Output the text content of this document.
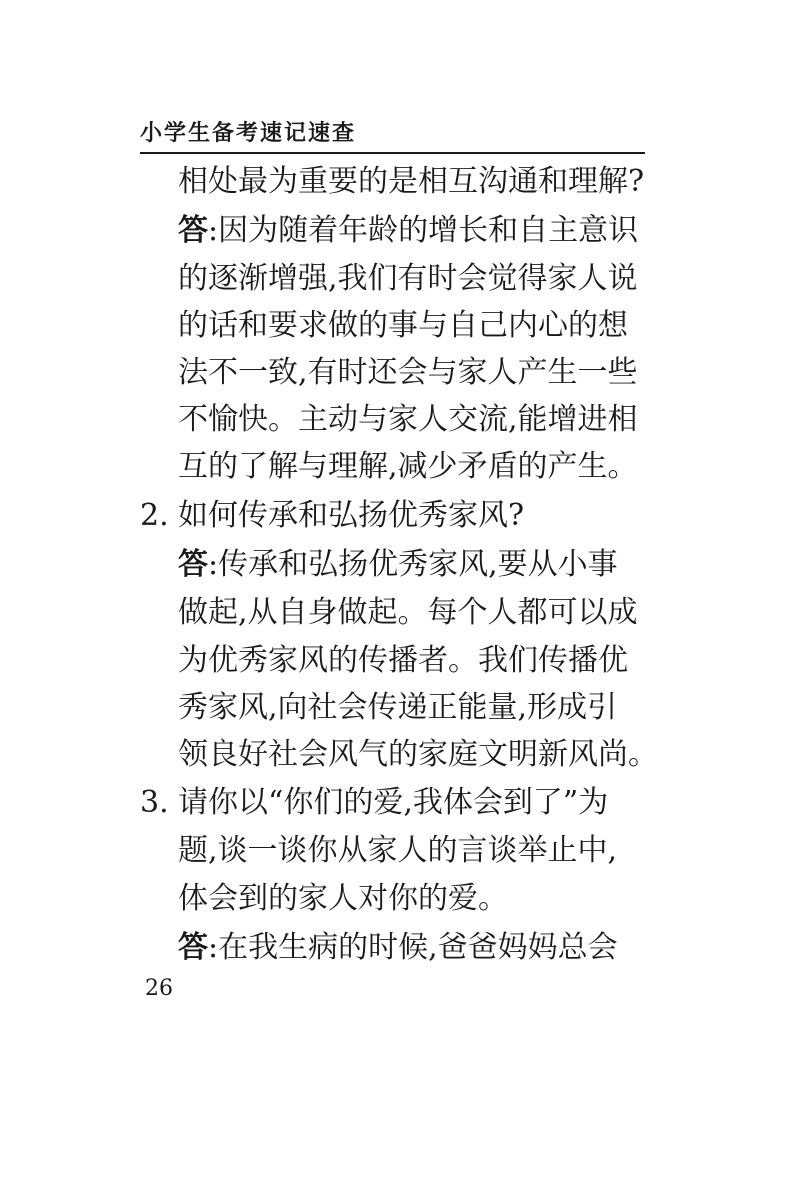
小学生备考速记速查
相处最为重要的是相互沟通和理解?
答:因为随着年龄的增长和自主意识
的逐渐增强,我们有时会觉得家人说
的话和要求做的事与自己内心的想
法不一致,有时还会与家人产生一些
不愉快。主动与家人交流,能增进相
互的了解与理解,减少矛盾的产生。
2. 如何传承和弘扬优秀家风?
答:传承和弘扬优秀家风,要从小事
做起,从自身做起。每个人都可以成
为优秀家风的传播者。我们传播优
秀家风,向社会传递正能量,形成引
领良好社会风气的家庭文明新风尚。
3. 请你以“你们的爱,我体会到了”为
题,谈一谈你从家人的言谈举止中,
体会到的家人对你的爱。
答:在我生病的时候,爸爸妈妈总会
26
